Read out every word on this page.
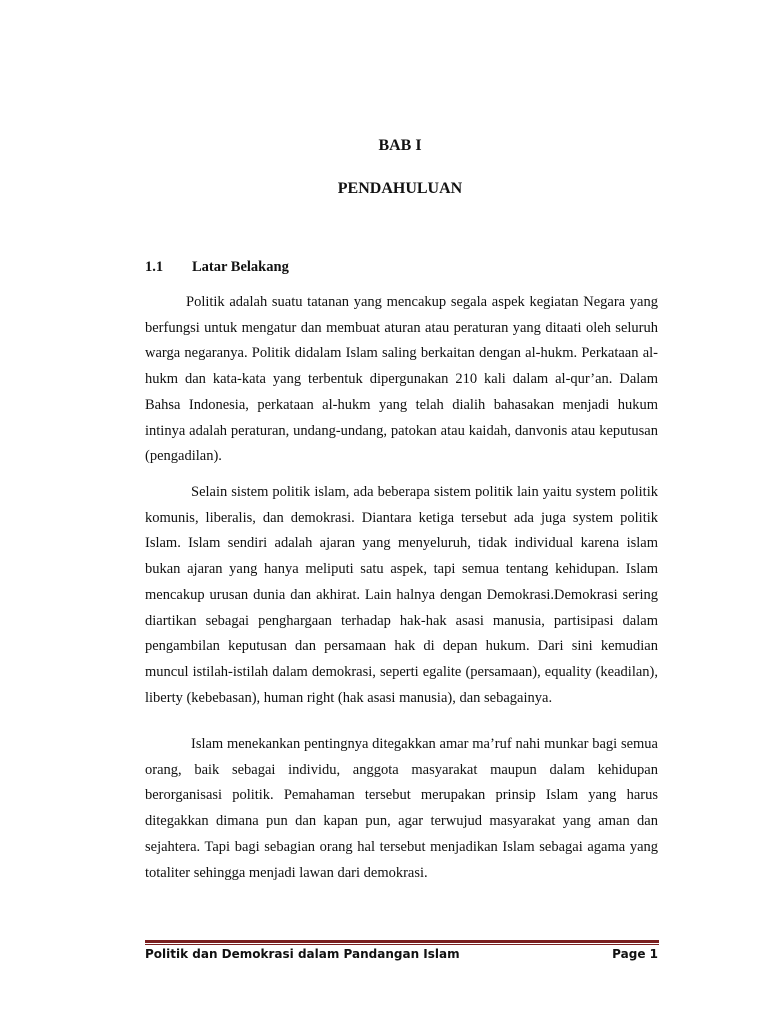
BAB I
PENDAHULUAN
1.1 Latar Belakang

Politik adalah suatu tatanan yang mencakup segala aspek kegiatan Negara yang berfungsi untuk mengatur dan membuat aturan atau peraturan yang ditaati oleh seluruh warga negaranya. Politik didalam Islam saling berkaitan dengan al-hukm. Perkataan al-hukm dan kata-kata yang terbentuk dipergunakan 210 kali dalam al-qur’an. Dalam Bahsa Indonesia, perkataan al-hukm yang telah dialih bahasakan menjadi hukum intinya adalah peraturan, undang-undang, patokan atau kaidah, danvonis atau keputusan (pengadilan).

Selain sistem politik islam, ada beberapa sistem politik lain yaitu system politik komunis, liberalis, dan demokrasi. Diantara ketiga tersebut ada juga system politik Islam. Islam sendiri adalah ajaran yang menyeluruh, tidak individual karena islam bukan ajaran yang hanya meliputi satu aspek, tapi semua tentang kehidupan. Islam mencakup urusan dunia dan akhirat. Lain halnya dengan Demokrasi.Demokrasi sering diartikan sebagai penghargaan terhadap hak-hak asasi manusia, partisipasi dalam pengambilan keputusan dan persamaan hak di depan hukum. Dari sini kemudian muncul istilah-istilah dalam demokrasi, seperti egalite (persamaan), equality (keadilan), liberty (kebebasan), human right (hak asasi manusia), dan sebagainya.

Islam menekankan pentingnya ditegakkan amar ma’ruf nahi munkar bagi semua orang, baik sebagai individu, anggota masyarakat maupun dalam kehidupan berorganisasi politik. Pemahaman tersebut merupakan prinsip Islam yang harus ditegakkan dimana pun dan kapan pun, agar terwujud masyarakat yang aman dan sejahtera. Tapi bagi sebagian orang hal tersebut menjadikan Islam sebagai agama yang totaliter sehingga menjadi lawan dari demokrasi.

Politik dan Demokrasi dalam Pandangan Islam	Page 1
